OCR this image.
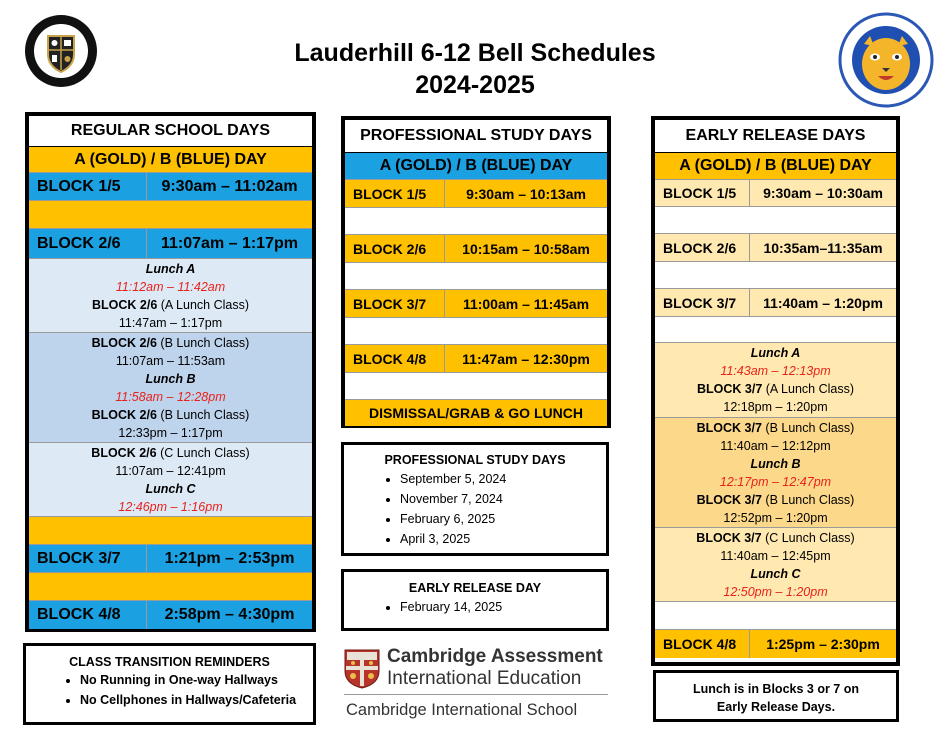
Lauderhill 6-12 Bell Schedules
2024-2025
REGULAR SCHOOL DAYS
A (GOLD) / B (BLUE) DAY
BLOCK 1/5	9:30am – 11:02am
BLOCK 2/6	11:07am – 1:17pm
Lunch A
11:12am – 11:42am
BLOCK 2/6 (A Lunch Class)
11:47am – 1:17pm
BLOCK 2/6 (B Lunch Class)
11:07am – 11:53am
Lunch B
11:58am – 12:28pm
BLOCK 2/6 (B Lunch Class)
12:33pm – 1:17pm
BLOCK 2/6 (C Lunch Class)
11:07am – 12:41pm
Lunch C
12:46pm – 1:16pm
BLOCK 3/7	1:21pm – 2:53pm
BLOCK 4/8	2:58pm – 4:30pm
PROFESSIONAL STUDY DAYS
A (GOLD) / B (BLUE) DAY
BLOCK 1/5	9:30am – 10:13am
BLOCK 2/6	10:15am – 10:58am
BLOCK 3/7	11:00am – 11:45am
BLOCK 4/8	11:47am – 12:30pm
DISMISSAL/GRAB & GO LUNCH
EARLY RELEASE DAYS
A (GOLD) / B (BLUE) DAY
BLOCK 1/5	9:30am – 10:30am
BLOCK 2/6	10:35am–11:35am
BLOCK 3/7	11:40am – 1:20pm
Lunch A
11:43am – 12:13pm
BLOCK 3/7 (A Lunch Class)
12:18pm – 1:20pm
BLOCK 3/7 (B Lunch Class)
11:40am – 12:12pm
Lunch B
12:17pm – 12:47pm
BLOCK 3/7 (B Lunch Class)
12:52pm – 1:20pm
BLOCK 3/7 (C Lunch Class)
11:40am – 12:45pm
Lunch C
12:50pm – 1:20pm
BLOCK 4/8	1:25pm – 2:30pm
PROFESSIONAL STUDY DAYS
• September 5, 2024
• November 7, 2024
• February 6, 2025
• April 3, 2025
EARLY RELEASE DAY
• February 14, 2025
CLASS TRANSITION REMINDERS
• No Running in One-way Hallways
• No Cellphones in Hallways/Cafeteria
Cambridge Assessment
International Education
Cambridge International School
Lunch is in Blocks 3 or 7 on
Early Release Days.
